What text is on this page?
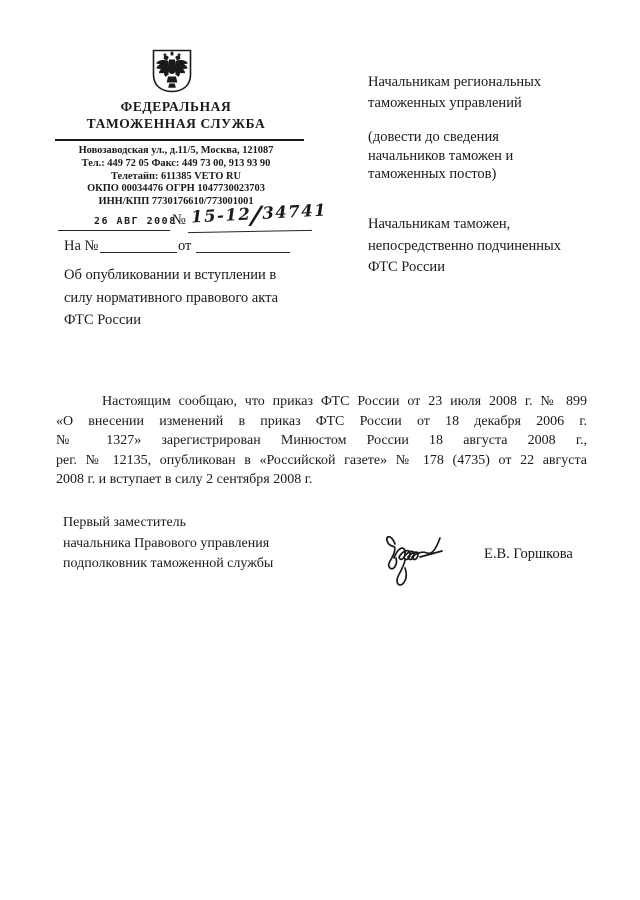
ФЕДЕРАЛЬНАЯ
ТАМОЖЕННАЯ СЛУЖБА
Новозаводская ул., д.11/5, Москва, 121087
Тел.: 449 72 05 Факс: 449 73 00, 913 93 90
Телетайп: 611385 VETO RU
ОКПО 00034476 ОГРН 1047730023703
ИНН/КПП 7730176610/773001001
26 АВГ 2008
№ 15-12/34741
На №	от
Об опубликовании и вступлении в
силу нормативного правового акта
ФТС России
Начальникам региональных
таможенных управлений
(довести до сведения
начальников таможен и
таможенных постов)
Начальникам таможен,
непосредственно подчиненных
ФТС России
Настоящим сообщаю, что приказ ФТС России от 23 июля 2008 г. № 899
«О внесении изменений в приказ ФТС России от 18 декабря 2006 г.
№ 1327» зарегистрирован Минюстом России 18 августа 2008 г.,
рег. № 12135, опубликован в «Российской газете» № 178 (4735) от 22 августа
2008 г. и вступает в силу 2 сентября 2008 г.
Первый заместитель
начальника Правового управления
подполковник таможенной службы
Е.В. Горшкова
